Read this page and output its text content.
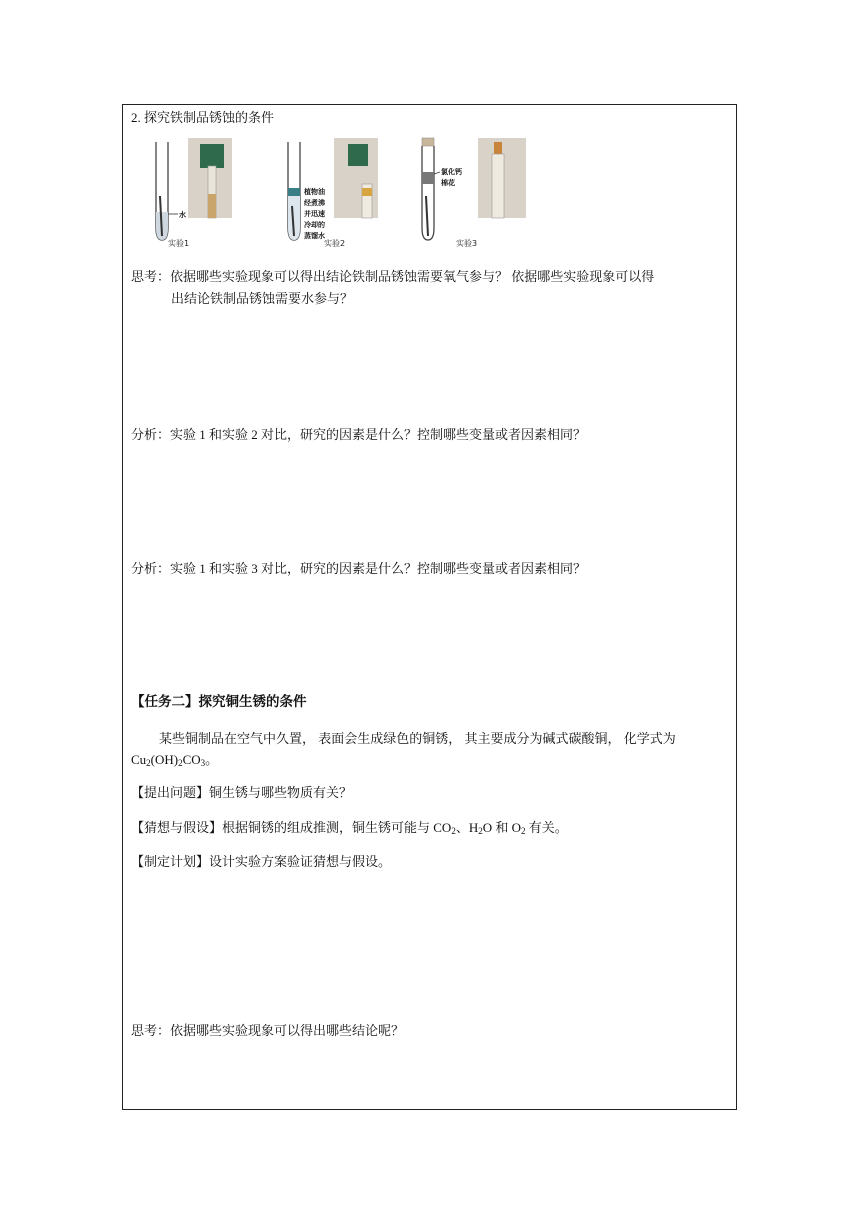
2. 探究铁制品锈蚀的条件
水
实验1
植物油
经煮沸
并迅速
冷却的
蒸馏水
实验2
氯化钙
棉花
实验3
思考：依据哪些实验现象可以得出结论铁制品锈蚀需要氧气参与？ 依据哪些实验现象可以得
出结论铁制品锈蚀需要水参与？
分析：实验 1 和实验 2 对比，研究的因素是什么？控制哪些变量或者因素相同？
分析：实验 1 和实验 3 对比，研究的因素是什么？控制哪些变量或者因素相同？
【任务二】探究铜生锈的条件
某些铜制品在空气中久置， 表面会生成绿色的铜锈， 其主要成分为碱式碳酸铜， 化学式为 $Cu_2(OH)_2CO_3$。
【提出问题】铜生锈与哪些物质有关？
【猜想与假设】根据铜锈的组成推测，铜生锈可能与 $CO_2$、$H_2O$ 和 $O_2$ 有关。
【制定计划】设计实验方案验证猜想与假设。
思考：依据哪些实验现象可以得出哪些结论呢？
